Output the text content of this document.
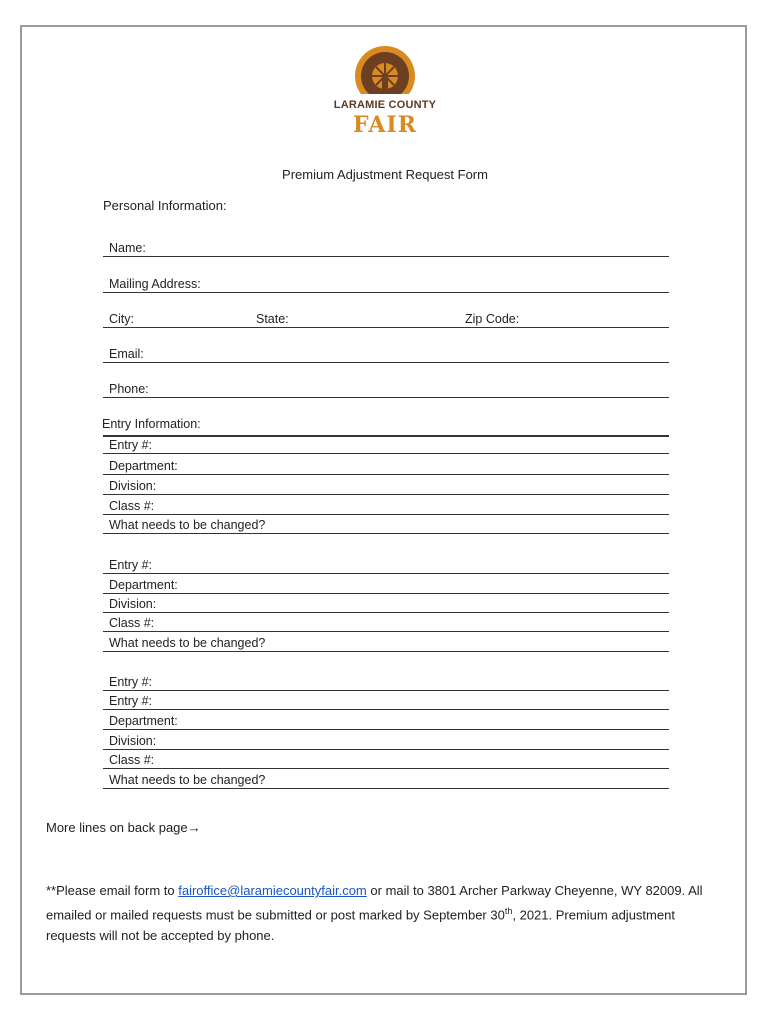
LARAMIE COUNTY
FAIR
Premium Adjustment Request Form
Personal Information:
Name:
Mailing Address:
City:	State:	Zip Code:
Email:
Phone:
Entry Information:
Entry #:
Department:
Division:
Class #:
What needs to be changed?
Entry #:
Department:
Division:
Class #:
What needs to be changed?
Entry #:
Entry #:
Department:
Division:
Class #:
What needs to be changed?
More lines on back page→
**Please email form to fairoffice@laramiecountyfair.com or mail to 3801 Archer Parkway Cheyenne, WY 82009. All emailed or mailed requests must be submitted or post marked by September 30th, 2021. Premium adjustment requests will not be accepted by phone.
